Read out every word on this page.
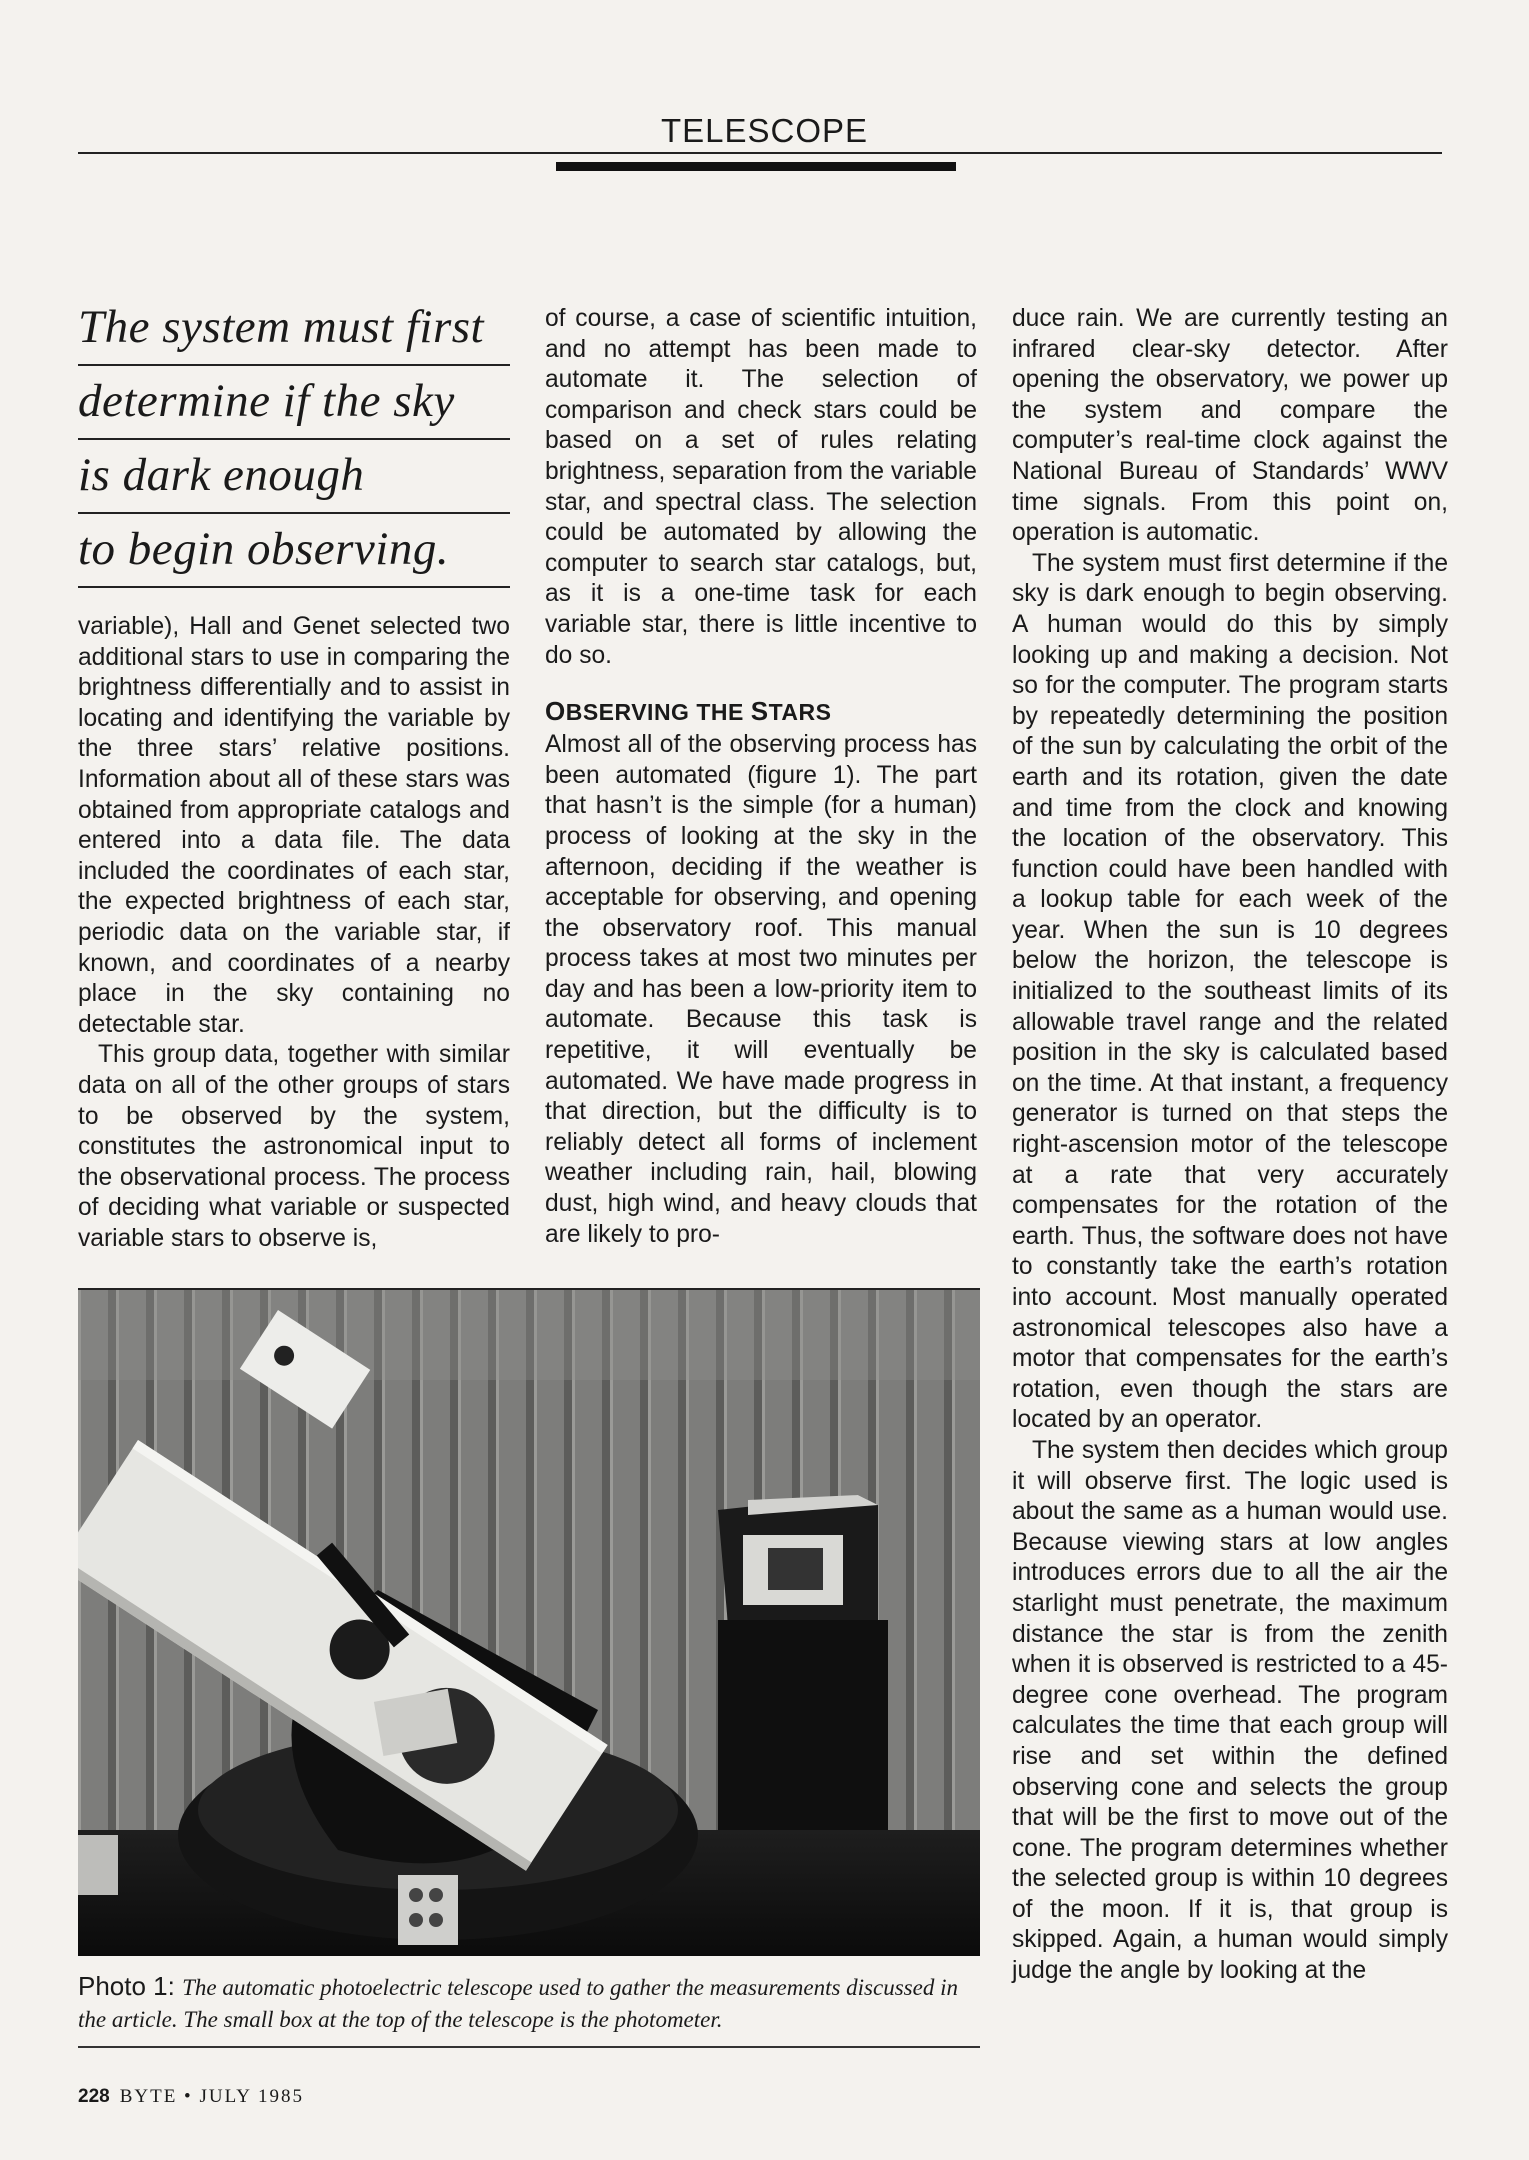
TELESCOPE
The system must first
determine if the sky
is dark enough
to begin observing.

variable), Hall and Genet selected two additional stars to use in comparing the brightness differentially and to assist in locating and identifying the variable by the three stars’ relative positions. Information about all of these stars was obtained from appropriate catalogs and entered into a data file. The data included the coordinates of each star, the expected brightness of each star, periodic data on the variable star, if known, and coordinates of a nearby place in the sky containing no detectable star.

This group data, together with similar data on all of the other groups of stars to be observed by the system, constitutes the astronomical input to the observational process. The process of deciding what variable or suspected variable stars to observe is,

of course, a case of scientific intuition, and no attempt has been made to automate it. The selection of comparison and check stars could be based on a set of rules relating brightness, separation from the variable star, and spectral class. The selection could be automated by allowing the computer to search star catalogs, but, as it is a one-time task for each variable star, there is little incentive to do so.

OBSERVING THE STARS

Almost all of the observing process has been automated (figure 1). The part that hasn’t is the simple (for a human) process of looking at the sky in the afternoon, deciding if the weather is acceptable for observing, and opening the observatory roof. This manual process takes at most two minutes per day and has been a low-priority item to automate. Because this task is repetitive, it will eventually be automated. We have made progress in that direction, but the difficulty is to reliably detect all forms of inclement weather including rain, hail, blowing dust, high wind, and heavy clouds that are likely to pro-

duce rain. We are currently testing an infrared clear-sky detector. After opening the observatory, we power up the system and compare the computer’s real-time clock against the National Bureau of Standards’ WWV time signals. From this point on, operation is automatic.

The system must first determine if the sky is dark enough to begin observing. A human would do this by simply looking up and making a decision. Not so for the computer. The program starts by repeatedly determining the position of the sun by calculating the orbit of the earth and its rotation, given the date and time from the clock and knowing the location of the observatory. This function could have been handled with a lookup table for each week of the year. When the sun is 10 degrees below the horizon, the telescope is initialized to the southeast limits of its allowable travel range and the related position in the sky is calculated based on the time. At that instant, a frequency generator is turned on that steps the right-ascension motor of the telescope at a rate that very accurately compensates for the rotation of the earth. Thus, the software does not have to constantly take the earth’s rotation into account. Most manually operated astronomical telescopes also have a motor that compensates for the earth’s rotation, even though the stars are located by an operator.

The system then decides which group it will observe first. The logic used is about the same as a human would use. Because viewing stars at low angles introduces errors due to all the air the starlight must penetrate, the maximum distance the star is from the zenith when it is observed is restricted to a 45-degree cone overhead. The program calculates the time that each group will rise and set within the defined observing cone and selects the group that will be the first to move out of the cone. The program determines whether the selected group is within 10 degrees of the moon. If it is, that group is skipped. Again, a human would simply judge the angle by looking at the

Photo 1: The automatic photoelectric telescope used to gather the measurements discussed in the article. The small box at the top of the telescope is the photometer.
228 BYTE • JULY 1985
